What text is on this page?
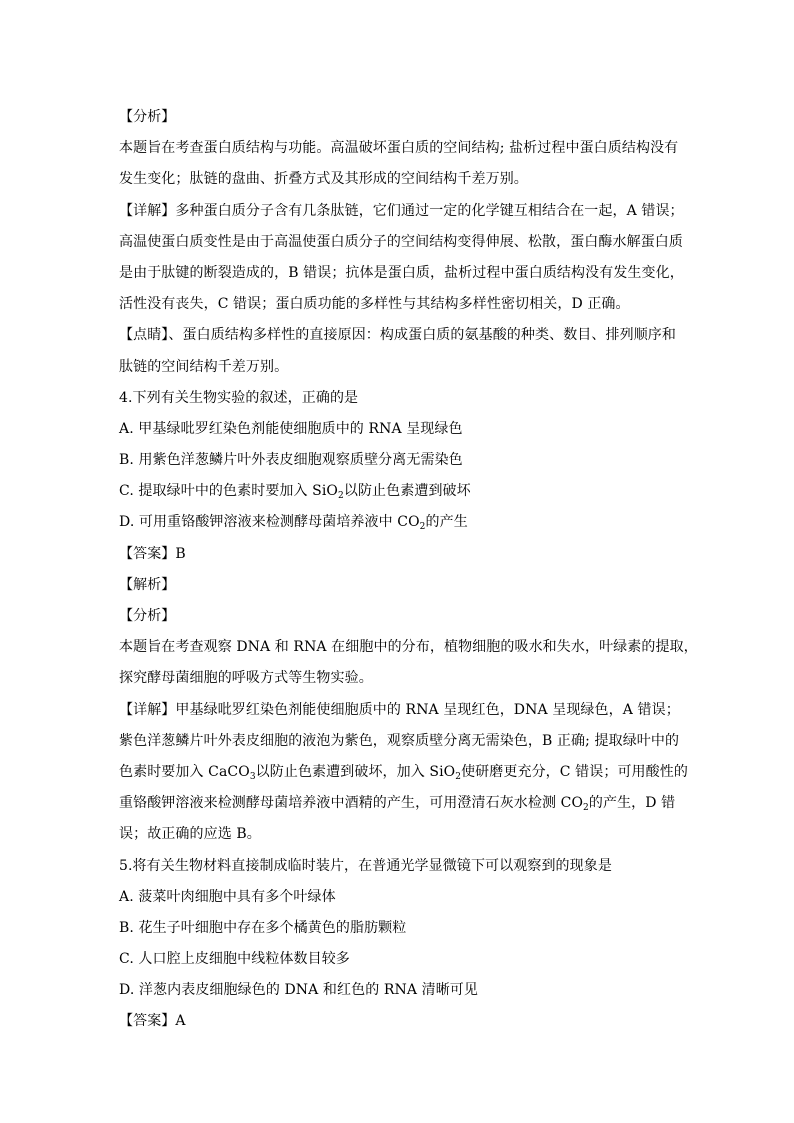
【分析】
本题旨在考查蛋白质结构与功能。高温破坏蛋白质的空间结构; 盐析过程中蛋白质结构没有
发生变化；肽链的盘曲、折叠方式及其形成的空间结构千差万别。
【详解】多种蛋白质分子含有几条肽链，它们通过一定的化学键互相结合在一起，A 错误；
高温使蛋白质变性是由于高温使蛋白质分子的空间结构变得伸展、松散，蛋白酶水解蛋白质
是由于肽键的断裂造成的，B 错误；抗体是蛋白质，盐析过程中蛋白质结构没有发生变化，
活性没有丧失，C 错误；蛋白质功能的多样性与其结构多样性密切相关，D 正确。
【点睛】、蛋白质结构多样性的直接原因：构成蛋白质的氨基酸的种类、数目、排列顺序和
肽链的空间结构千差万别。
4.下列有关生物实验的叙述，正确的是
A. 甲基绿吡罗红染色剂能使细胞质中的 RNA 呈现绿色
B. 用紫色洋葱鳞片叶外表皮细胞观察质壁分离无需染色
C. 提取绿叶中的色素时要加入 SiO$_2$以防止色素遭到破坏
D. 可用重铬酸钾溶液来检测酵母菌培养液中 $CO_2$的产生
【答案】B
【解析】
【分析】
本题旨在考查观察 DNA 和 RNA 在细胞中的分布，植物细胞的吸水和失水，叶绿素的提取，
探究酵母菌细胞的呼吸方式等生物实验。
【详解】甲基绿吡罗红染色剂能使细胞质中的 RNA 呈现红色，DNA 呈现绿色，A 错误；
紫色洋葱鳞片叶外表皮细胞的液泡为紫色，观察质壁分离无需染色，B 正确; 提取绿叶中的
色素时要加入 CaCO$_3$以防止色素遭到破坏，加入 SiO$_2$使研磨更充分，C 错误；可用酸性的
重铬酸钾溶液来检测酵母菌培养液中酒精的产生，可用澄清石灰水检测 $CO_2$的产生，D 错
误；故正确的应选 B。
5.将有关生物材料直接制成临时装片，在普通光学显微镜下可以观察到的现象是
A. 菠菜叶肉细胞中具有多个叶绿体
B. 花生子叶细胞中存在多个橘黄色的脂肪颗粒
C. 人口腔上皮细胞中线粒体数目较多
D. 洋葱内表皮细胞绿色的 DNA 和红色的 RNA 清晰可见
【答案】A
